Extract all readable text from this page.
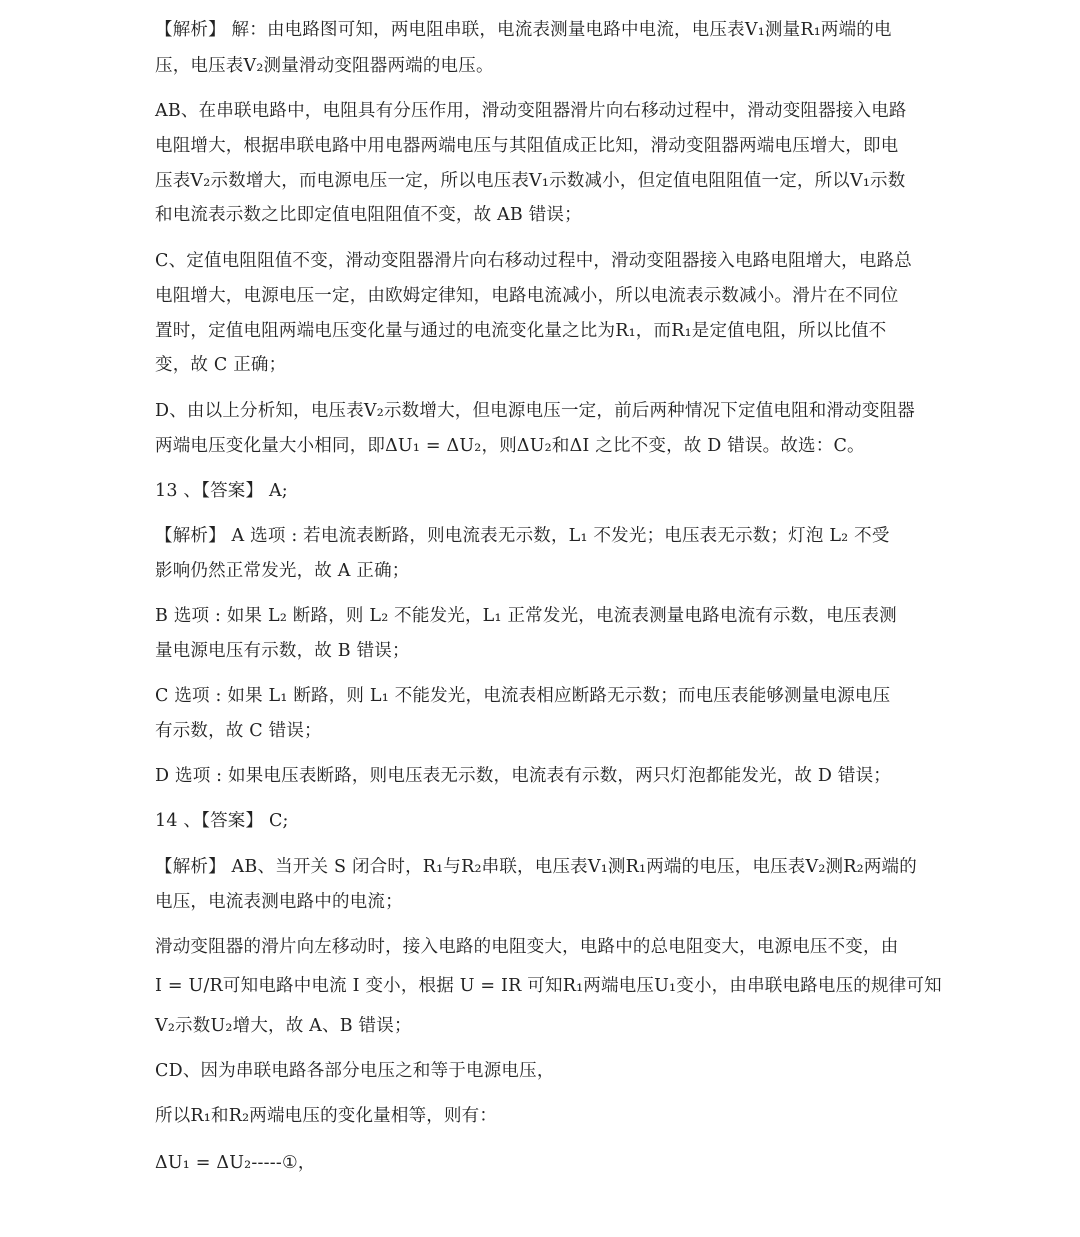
【解析】 解：由电路图可知，两电阻串联，电流表测量电路中电流，电压表V₁测量R₁两端的电
压，电压表V₂测量滑动变阻器两端的电压。
AB、在串联电路中，电阻具有分压作用，滑动变阻器滑片向右移动过程中，滑动变阻器接入电路
电阻增大，根据串联电路中用电器两端电压与其阻值成正比知，滑动变阻器两端电压增大，即电
压表V₂示数增大，而电源电压一定，所以电压表V₁示数减小，但定值电阻阻值一定，所以V₁示数
和电流表示数之比即定值电阻阻值不变，故 AB 错误；
C、定值电阻阻值不变，滑动变阻器滑片向右移动过程中，滑动变阻器接入电路电阻增大，电路总
电阻增大，电源电压一定，由欧姆定律知，电路电流减小，所以电流表示数减小。滑片在不同位
置时，定值电阻两端电压变化量与通过的电流变化量之比为R₁，而R₁是定值电阻，所以比值不
变，故 C 正确；
D、由以上分析知，电压表V₂示数增大，但电源电压一定，前后两种情况下定值电阻和滑动变阻器
两端电压变化量大小相同，即ΔU₁ = ΔU₂，则ΔU₂和ΔI 之比不变，故 D 错误。故选：C。
13 、【答案】 A;
【解析】 A 选项 : 若电流表断路，则电流表无示数，L₁ 不发光；电压表无示数；灯泡 L₂ 不受
影响仍然正常发光，故 A 正确；
B 选项 : 如果 L₂ 断路，则 L₂ 不能发光，L₁ 正常发光，电流表测量电路电流有示数，电压表测
量电源电压有示数，故 B 错误；
C 选项 : 如果 L₁ 断路，则 L₁ 不能发光，电流表相应断路无示数；而电压表能够测量电源电压
有示数，故 C 错误；
D 选项 : 如果电压表断路，则电压表无示数，电流表有示数，两只灯泡都能发光，故 D 错误；
14 、【答案】 C;
【解析】 AB、当开关 S 闭合时，R₁与R₂串联，电压表V₁测R₁两端的电压，电压表V₂测R₂两端的
电压，电流表测电路中的电流；
滑动变阻器的滑片向左移动时，接入电路的电阻变大，电路中的总电阻变大，电源电压不变，由
I = U/R可知电路中电流 I 变小，根据 U = IR 可知R₁两端电压U₁变小，由串联电路电压的规律可知
V₂示数U₂增大，故 A、B 错误；
CD、因为串联电路各部分电压之和等于电源电压，
所以R₁和R₂两端电压的变化量相等，则有：
ΔU₁ = ΔU₂-----①，
